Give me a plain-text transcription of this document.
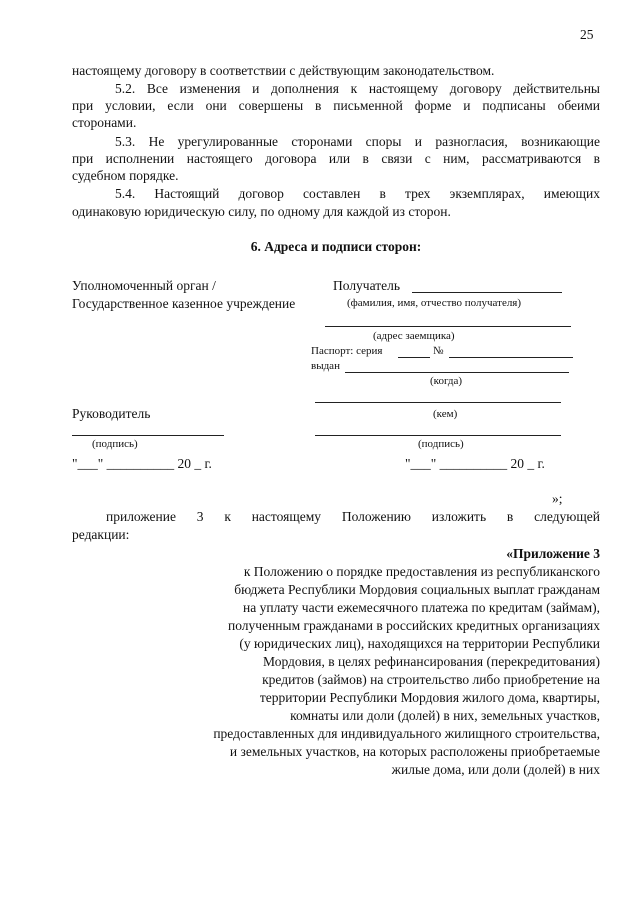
25
настоящему договору в соответствии с действующим законодательством.
5.2. Все изменения и дополнения к настоящему договору действительны
при условии, если они совершены в письменной форме и подписаны обеими
сторонами.
5.3. Не урегулированные сторонами споры и разногласия, возникающие
при исполнении настоящего договора или в связи с ним, рассматриваются в
судебном порядке.
5.4. Настоящий договор составлен в трех экземплярах, имеющих
одинаковую юридическую силу, по одному для каждой из сторон.
6. Адреса и подписи сторон:
Уполномоченный орган /
Государственное казенное учреждение
Руководитель
(подпись)
"___" __________ 20 _ г.
Получатель
(фамилия, имя, отчество получателя)
(адрес заемщика)
Паспорт: серия	№
выдан
(когда)
(кем)
(подпись)
"___" __________ 20 _ г.
»;
приложение 3 к настоящему Положению изложить в следующей
редакции:
«Приложение 3
к Положению о порядке предоставления из республиканского
бюджета Республики Мордовия социальных выплат гражданам
на уплату части ежемесячного платежа по кредитам (займам),
полученным гражданами в российских кредитных организациях
(у юридических лиц), находящихся на территории Республики
Мордовия, в целях рефинансирования (перекредитования)
кредитов (займов) на строительство либо приобретение на
территории Республики Мордовия жилого дома, квартиры,
комнаты или доли (долей) в них, земельных участков,
предоставленных для индивидуального жилищного строительства,
и земельных участков, на которых расположены приобретаемые
жилые дома, или доли (долей) в них
